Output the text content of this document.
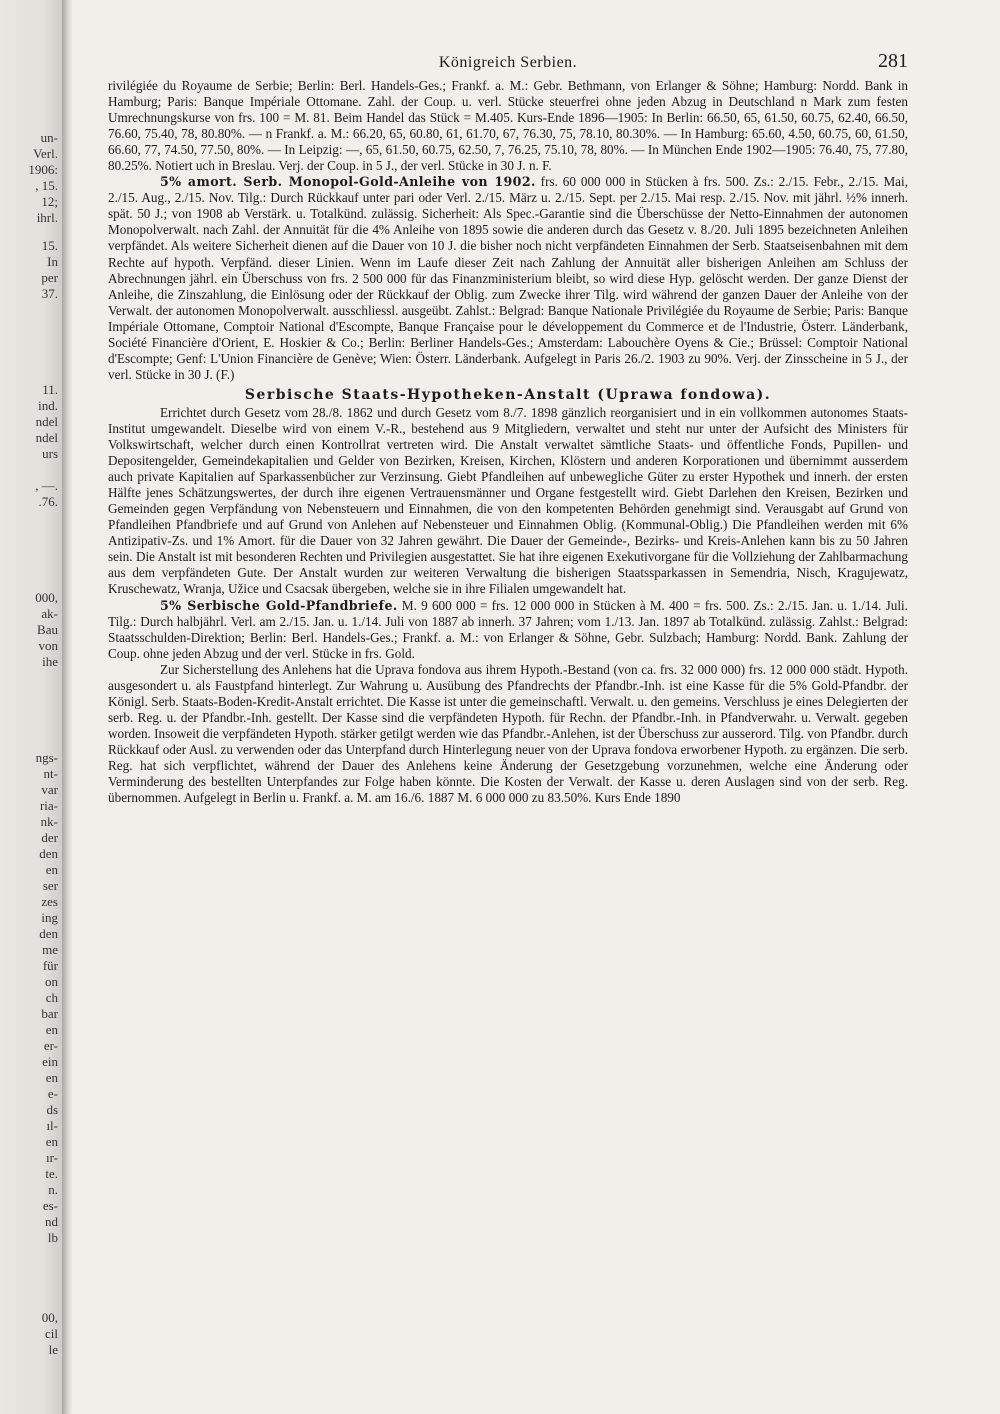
un-
Verl.
1906:
, 15.
12;
ihrl.
15.
In
per
37.
11.
ind.
ndel
ndel
urs
, —.
.76.
000,
ak-
Bau
von
ihe
ngs-
nt-
var
ria-
nk-
der
den
en
ser
zes
ing
den
me
für
on
ch
bar
en
er-
ein
en
e-
ds
ıl-
en
ır-
te.
n.
es-
nd
lb
00,
cil
le
Königreich Serbien.	281

rivilégiée du Royaume de Serbie; Berlin: Berl. Handels-Ges.; Frankf. a. M.: Gebr. Bethmann, von Erlanger & Söhne; Hamburg: Nordd. Bank in Hamburg; Paris: Banque Impériale Ottomane. Zahl. der Coup. u. verl. Stücke steuerfrei ohne jeden Abzug in Deutschland n Mark zum festen Umrechnungskurse von frs. 100 = M. 81. Beim Handel das Stück = M.405. Kurs-Ende 1896—1905: In Berlin: 66.50, 65, 61.50, 60.75, 62.40, 66.50, 76.60, 75.40, 78, 80.80%. — n Frankf. a. M.: 66.20, 65, 60.80, 61, 61.70, 67, 76.30, 75, 78.10, 80.30%. — In Hamburg: 65.60, 4.50, 60.75, 60, 61.50, 66.60, 77, 74.50, 77.50, 80%. — In Leipzig: —, 65, 61.50, 60.75, 62.50, 7, 76.25, 75.10, 78, 80%. — In München Ende 1902—1905: 76.40, 75, 77.80, 80.25%. Notiert uch in Breslau. Verj. der Coup. in 5 J., der verl. Stücke in 30 J. n. F.

5% amort. Serb. Monopol-Gold-Anleihe von 1902. frs. 60 000 000 in Stücken à frs. 500. Zs.: 2./15. Febr., 2./15. Mai, 2./15. Aug., 2./15. Nov. Tilg.: Durch Rückkauf unter pari oder Verl. 2./15. März u. 2./15. Sept. per 2./15. Mai resp. 2./15. Nov. mit jährl. ½% innerh. spät. 50 J.; von 1908 ab Verstärk. u. Totalkünd. zulässig. Sicherheit: Als Spec.-Garantie sind die Überschüsse der Netto-Einnahmen der autonomen Monopolverwalt. nach Zahl. der Annuität für die 4% Anleihe von 1895 sowie die anderen durch das Gesetz v. 8./20. Juli 1895 bezeichneten Anleihen verpfändet. Als weitere Sicherheit dienen auf die Dauer von 10 J. die bisher noch nicht verpfändeten Einnahmen der Serb. Staatseisenbahnen mit dem Rechte auf hypoth. Verpfänd. dieser Linien. Wenn im Laufe dieser Zeit nach Zahlung der Annuität aller bisherigen Anleihen am Schluss der Abrechnungen jährl. ein Überschuss von frs. 2 500 000 für das Finanzministerium bleibt, so wird diese Hyp. gelöscht werden. Der ganze Dienst der Anleihe, die Zinszahlung, die Einlösung oder der Rückkauf der Oblig. zum Zwecke ihrer Tilg. wird während der ganzen Dauer der Anleihe von der Verwalt. der autonomen Monopolverwalt. ausschliessl. ausgeübt. Zahlst.: Belgrad: Banque Nationale Privilégiée du Royaume de Serbie; Paris: Banque Impériale Ottomane, Comptoir National d'Escompte, Banque Française pour le développement du Commerce et de l'Industrie, Österr. Länderbank, Société Financière d'Orient, E. Hoskier & Co.; Berlin: Berliner Handels-Ges.; Amsterdam: Labouchère Oyens & Cie.; Brüssel: Comptoir National d'Escompte; Genf: L'Union Financière de Genève; Wien: Österr. Länderbank. Aufgelegt in Paris 26./2. 1903 zu 90%. Verj. der Zinsscheine in 5 J., der verl. Stücke in 30 J. (F.)

Serbische Staats-Hypotheken-Anstalt (Uprawa fondowa).

Errichtet durch Gesetz vom 28./8. 1862 und durch Gesetz vom 8./7. 1898 gänzlich reorganisiert und in ein vollkommen autonomes Staats-Institut umgewandelt. Dieselbe wird von einem V.-R., bestehend aus 9 Mitgliedern, verwaltet und steht nur unter der Aufsicht des Ministers für Volkswirtschaft, welcher durch einen Kontrollrat vertreten wird. Die Anstalt verwaltet sämtliche Staats- und öffentliche Fonds, Pupillen- und Depositengelder, Gemeindekapitalien und Gelder von Bezirken, Kreisen, Kirchen, Klöstern und anderen Korporationen und übernimmt ausserdem auch private Kapitalien auf Sparkassenbücher zur Verzinsung. Giebt Pfandleihen auf unbewegliche Güter zu erster Hypothek und innerh. der ersten Hälfte jenes Schätzungswertes, der durch ihre eigenen Vertrauensmänner und Organe festgestellt wird. Giebt Darlehen den Kreisen, Bezirken und Gemeinden gegen Verpfändung von Nebensteuern und Einnahmen, die von den kompetenten Behörden genehmigt sind. Verausgabt auf Grund von Pfandleihen Pfandbriefe und auf Grund von Anlehen auf Nebensteuer und Einnahmen Oblig. (Kommunal-Oblig.) Die Pfandleihen werden mit 6% Antizipativ-Zs. und 1% Amort. für die Dauer von 32 Jahren gewährt. Die Dauer der Gemeinde-, Bezirks- und Kreis-Anlehen kann bis zu 50 Jahren sein. Die Anstalt ist mit besonderen Rechten und Privilegien ausgestattet. Sie hat ihre eigenen Exekutivorgane für die Vollziehung der Zahlbarmachung aus dem verpfändeten Gute. Der Anstalt wurden zur weiteren Verwaltung die bisherigen Staatssparkassen in Semendria, Nisch, Kragujewatz, Kruschewatz, Wranja, Užice und Csacsak übergeben, welche sie in ihre Filialen umgewandelt hat.

5% Serbische Gold-Pfandbriefe. M. 9 600 000 = frs. 12 000 000 in Stücken à M. 400 = frs. 500. Zs.: 2./15. Jan. u. 1./14. Juli. Tilg.: Durch halbjährl. Verl. am 2./15. Jan. u. 1./14. Juli von 1887 ab innerh. 37 Jahren; vom 1./13. Jan. 1897 ab Totalkünd. zulässig. Zahlst.: Belgrad: Staatsschulden-Direktion; Berlin: Berl. Handels-Ges.; Frankf. a. M.: von Erlanger & Söhne, Gebr. Sulzbach; Hamburg: Nordd. Bank. Zahlung der Coup. ohne jeden Abzug und der verl. Stücke in frs. Gold.

Zur Sicherstellung des Anlehens hat die Uprava fondova aus ihrem Hypoth.-Bestand (von ca. frs. 32 000 000) frs. 12 000 000 städt. Hypoth. ausgesondert u. als Faustpfand hinterlegt. Zur Wahrung u. Ausübung des Pfandrechts der Pfandbr.-Inh. ist eine Kasse für die 5% Gold-Pfandbr. der Königl. Serb. Staats-Boden-Kredit-Anstalt errichtet. Die Kasse ist unter die gemeinschaftl. Verwalt. u. den gemeins. Verschluss je eines Delegierten der serb. Reg. u. der Pfandbr.-Inh. gestellt. Der Kasse sind die verpfändeten Hypoth. für Rechn. der Pfandbr.-Inh. in Pfandverwahr. u. Verwalt. gegeben worden. Insoweit die verpfändeten Hypoth. stärker getilgt werden wie das Pfandbr.-Anlehen, ist der Überschuss zur ausserord. Tilg. von Pfandbr. durch Rückkauf oder Ausl. zu verwenden oder das Unterpfand durch Hinterlegung neuer von der Uprava fondova erworbener Hypoth. zu ergänzen. Die serb. Reg. hat sich verpflichtet, während der Dauer des Anlehens keine Änderung der Gesetzgebung vorzunehmen, welche eine Änderung oder Verminderung des bestellten Unterpfandes zur Folge haben könnte. Die Kosten der Verwalt. der Kasse u. deren Auslagen sind von der serb. Reg. übernommen. Aufgelegt in Berlin u. Frankf. a. M. am 16./6. 1887 M. 6 000 000 zu 83.50%. Kurs Ende 1890
